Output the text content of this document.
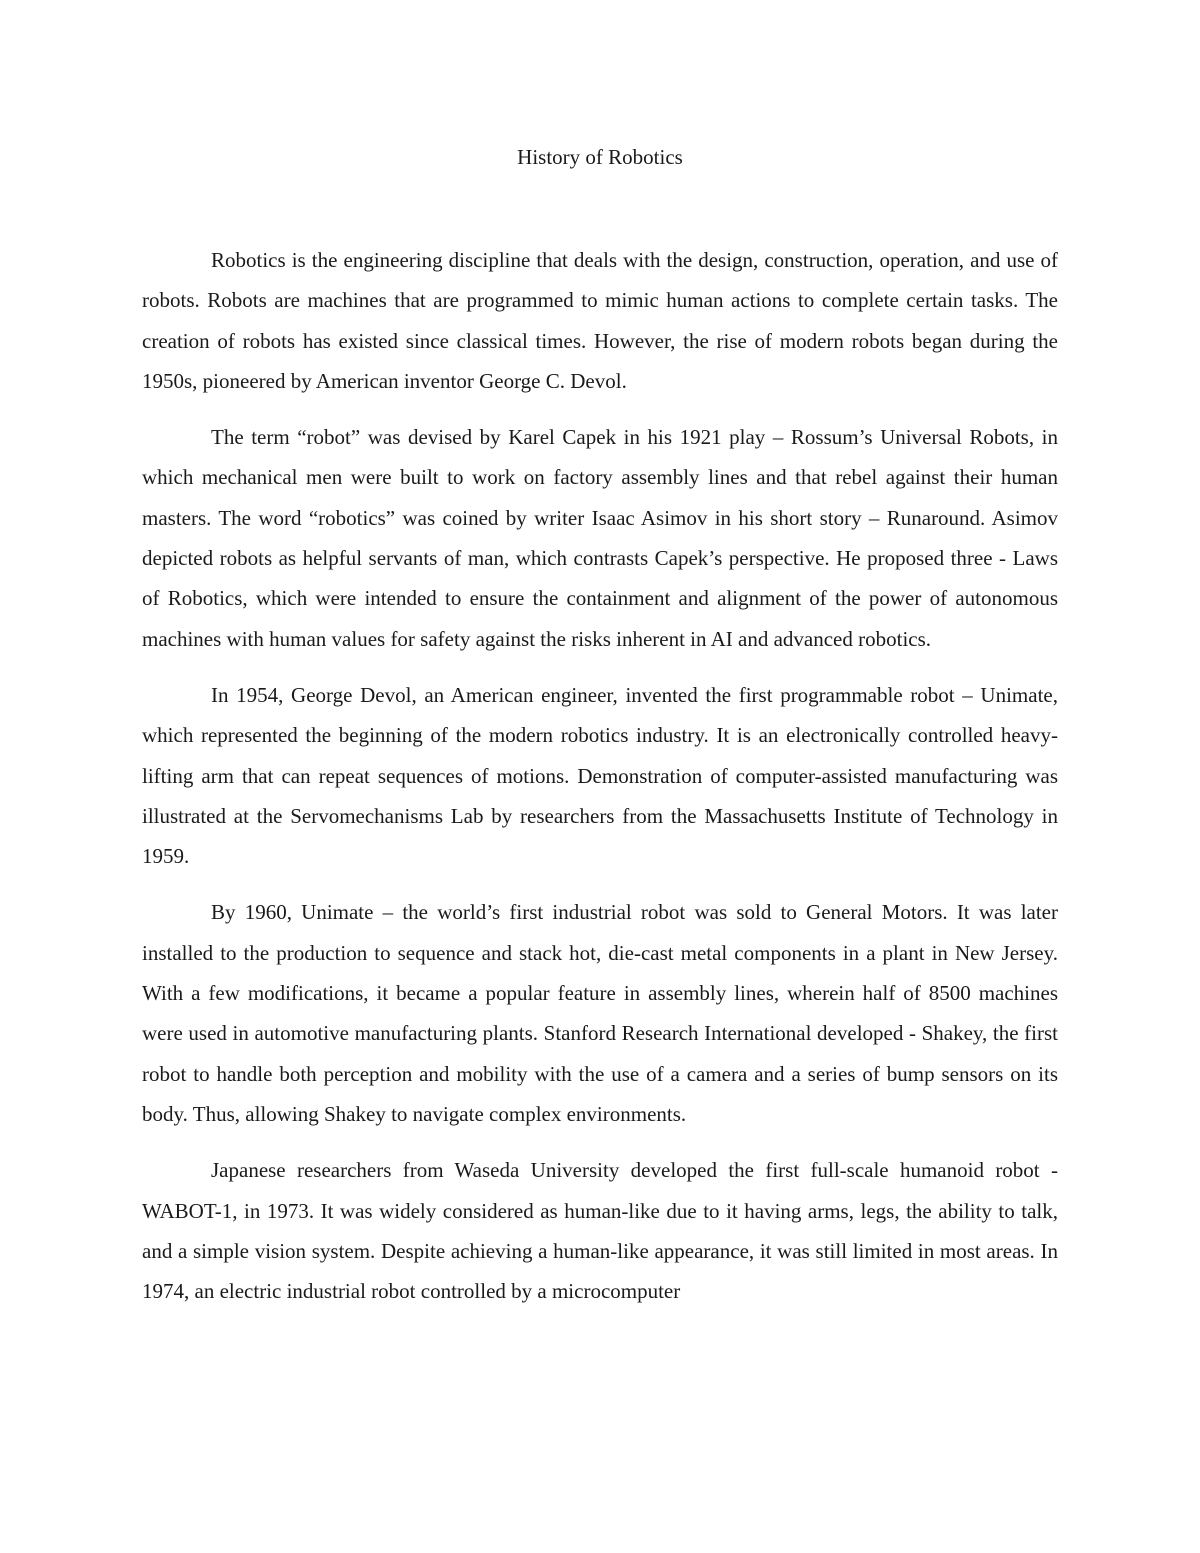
History of Robotics

Robotics is the engineering discipline that deals with the design, construction, operation, and use of robots. Robots are machines that are programmed to mimic human actions to complete certain tasks. The creation of robots has existed since classical times. However, the rise of modern robots began during the 1950s, pioneered by American inventor George C. Devol.

The term “robot” was devised by Karel Capek in his 1921 play – Rossum’s Universal Robots, in which mechanical men were built to work on factory assembly lines and that rebel against their human masters. The word “robotics” was coined by writer Isaac Asimov in his short story – Runaround. Asimov depicted robots as helpful servants of man, which contrasts Capek’s perspective. He proposed three - Laws of Robotics, which were intended to ensure the containment and alignment of the power of autonomous machines with human values for safety against the risks inherent in AI and advanced robotics.

In 1954, George Devol, an American engineer, invented the first programmable robot – Unimate, which represented the beginning of the modern robotics industry. It is an electronically controlled heavy-lifting arm that can repeat sequences of motions. Demonstration of computer-assisted manufacturing was illustrated at the Servomechanisms Lab by researchers from the Massachusetts Institute of Technology in 1959.

By 1960, Unimate – the world’s first industrial robot was sold to General Motors. It was later installed to the production to sequence and stack hot, die-cast metal components in a plant in New Jersey. With a few modifications, it became a popular feature in assembly lines, wherein half of 8500 machines were used in automotive manufacturing plants. Stanford Research International developed - Shakey, the first robot to handle both perception and mobility with the use of a camera and a series of bump sensors on its body. Thus, allowing Shakey to navigate complex environments.

Japanese researchers from Waseda University developed the first full-scale humanoid robot - WABOT-1, in 1973. It was widely considered as human-like due to it having arms, legs, the ability to talk, and a simple vision system. Despite achieving a human-like appearance, it was still limited in most areas. In 1974, an electric industrial robot controlled by a microcomputer
